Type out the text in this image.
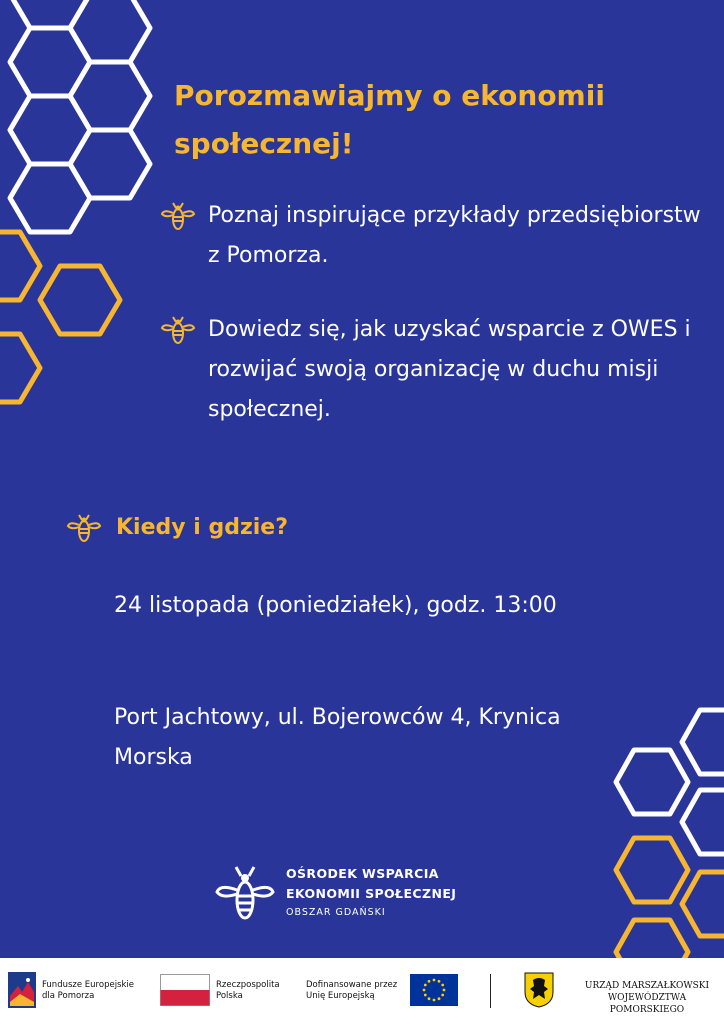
Porozmawiajmy o ekonomii społecznej!
Poznaj inspirujące przykłady przedsiębiorstw z Pomorza.
Dowiedz się, jak uzyskać wsparcie z OWES i rozwijać swoją organizację w duchu misji społecznej.
Kiedy i gdzie?
24 listopada (poniedziałek), godz. 13:00
Port Jachtowy, ul. Bojerowców 4, Krynica Morska
OŚRODEK WSPARCIA
EKONOMII SPOŁECZNEJ
OBSZAR GDAŃSKI
Fundusze Europejskie
dla Pomorza
Rzeczpospolita
Polska
Dofinansowane przez
Unię Europejską
URZĄD MARSZAŁKOWSKI
WOJEWÓDZTWA POMORSKIEGO
